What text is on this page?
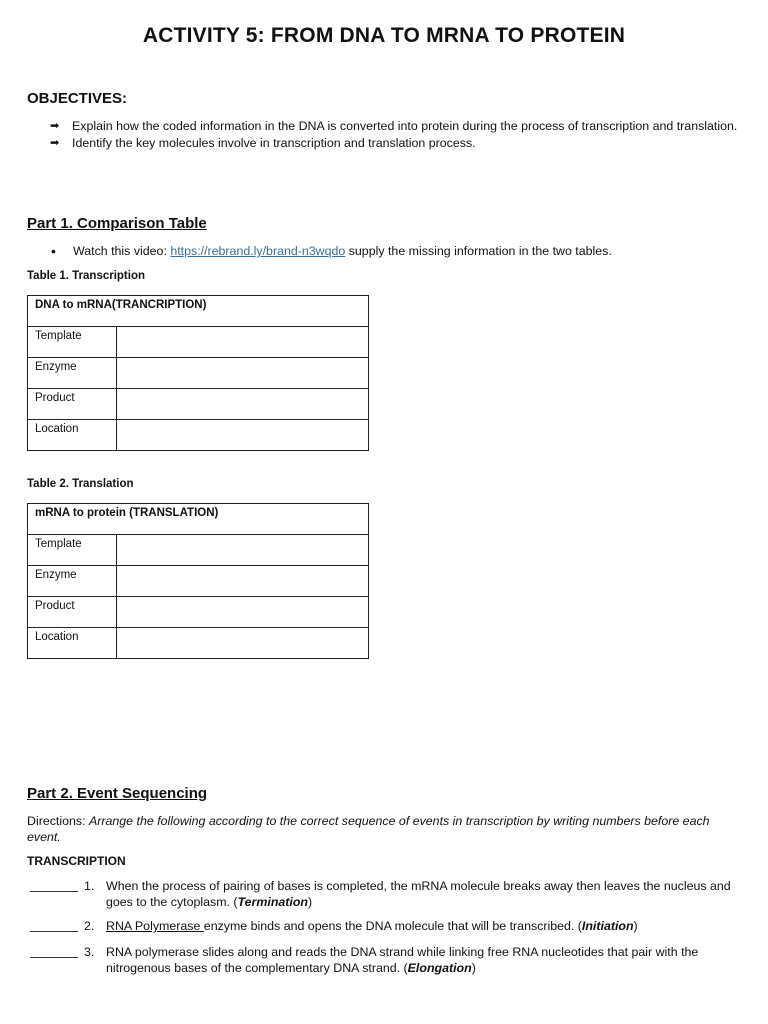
ACTIVITY 5: FROM DNA TO MRNA TO PROTEIN
OBJECTIVES:
➡	Explain how the coded information in the DNA is converted into protein during the process of transcription and translation.
➡	Identify the key molecules involve in transcription and translation process.
Part 1. Comparison Table
•	Watch this video: https://rebrand.ly/brand-n3wqdo supply the missing information in the two tables.
Table 1. Transcription
DNA to mRNA(TRANCRIPTION)	
Template	
Enzyme	
Product	
Location	
Table 2. Translation
mRNA to protein (TRANSLATION)	
Template	
Enzyme	
Product	
Location	
Part 2. Event Sequencing
Directions: Arrange the following according to the correct sequence of events in transcription by writing numbers before each event.
TRANSCRIPTION
1. When the process of pairing of bases is completed, the mRNA molecule breaks away then leaves the nucleus and goes to the cytoplasm. (Termination)
2. RNA Polymerase enzyme binds and opens the DNA molecule that will be transcribed. (Initiation)
3. RNA polymerase slides along and reads the DNA strand while linking free RNA nucleotides that pair with the nitrogenous bases of the complementary DNA strand. (Elongation)
